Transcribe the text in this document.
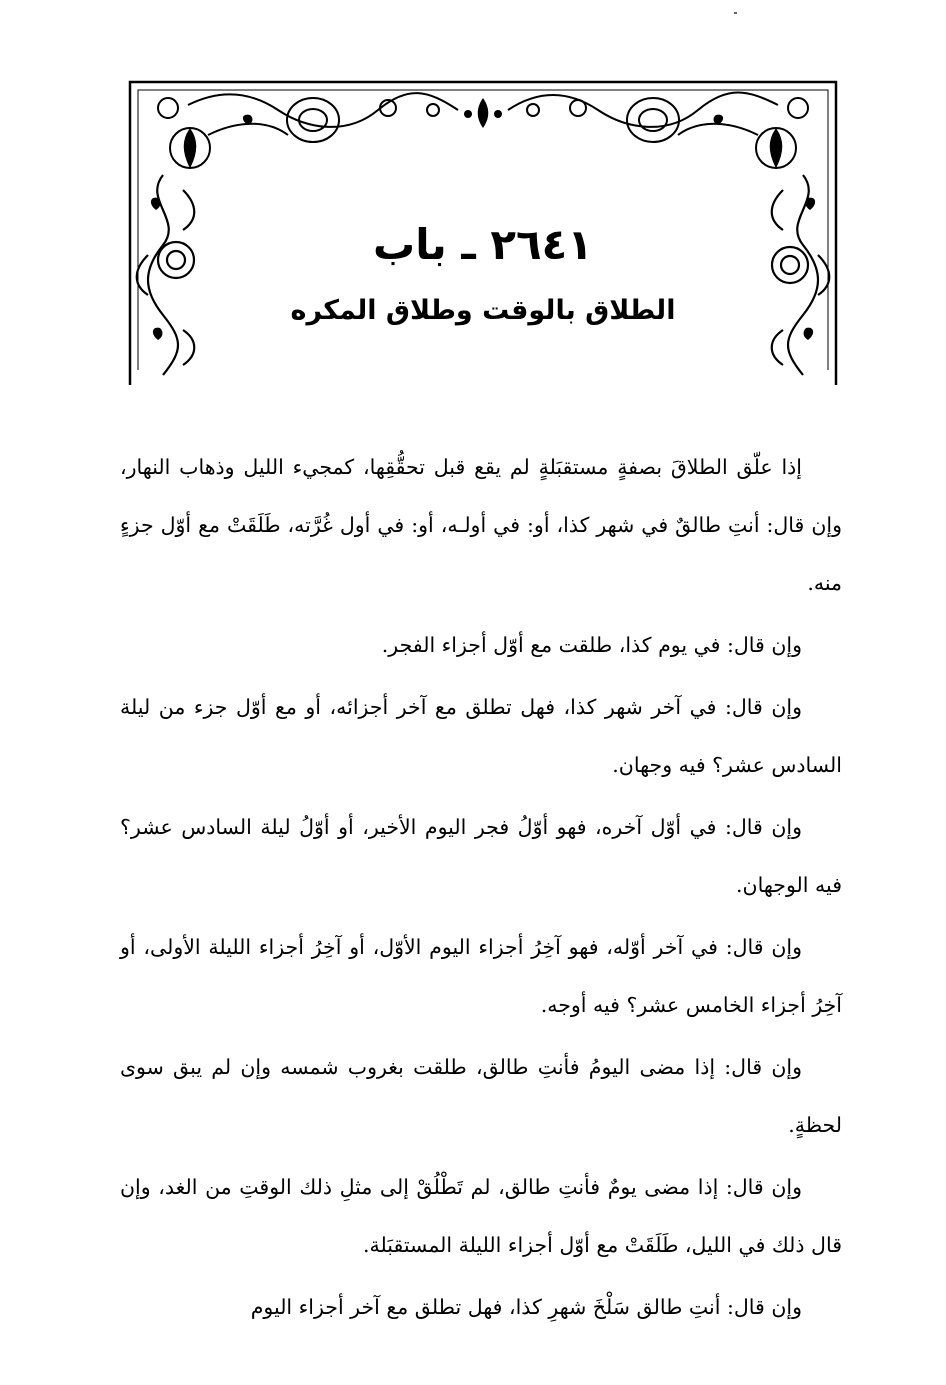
٢٦٤١ ـ باب

الطلاق بالوقت وطلاق المكره

إذا علّق الطلاقَ بصفةٍ مستقبَلةٍ لم يقع قبل تحقُّقِها، كمجيء الليل وذهاب النهار، وإن قال: أنتِ طالقٌ في شهر كذا، أو: في أولـه، أو: في أول غُرَّته، طَلَقَتْ مع أوّل جزءٍ منه.

وإن قال: في يوم كذا، طلقت مع أوّل أجزاء الفجر.

وإن قال: في آخر شهر كذا، فهل تطلق مع آخر أجزائه، أو مع أوّل جزء من ليلة السادس عشر؟ فيه وجهان.

وإن قال: في أوّل آخره، فهو أوّلُ فجر اليوم الأخير، أو أوّلُ ليلة السادس عشر؟ فيه الوجهان.

وإن قال: في آخر أوّله، فهو آخِرُ أجزاء اليوم الأوّل، أو آخِرُ أجزاء الليلة الأولى، أو آخِرُ أجزاء الخامس عشر؟ فيه أوجه.

وإن قال: إذا مضى اليومُ فأنتِ طالق، طلقت بغروب شمسه وإن لم يبق سوى لحظةٍ.

وإن قال: إذا مضى يومٌ فأنتِ طالق، لم تَطْلُقْ إلى مثلِ ذلك الوقتِ من الغد، وإن قال ذلك في الليل، طَلَقَتْ مع أوّل أجزاء الليلة المستقبَلة.

وإن قال: أنتِ طالق سَلْخَ شهرِ كذا، فهل تطلق مع آخر أجزاء اليوم
